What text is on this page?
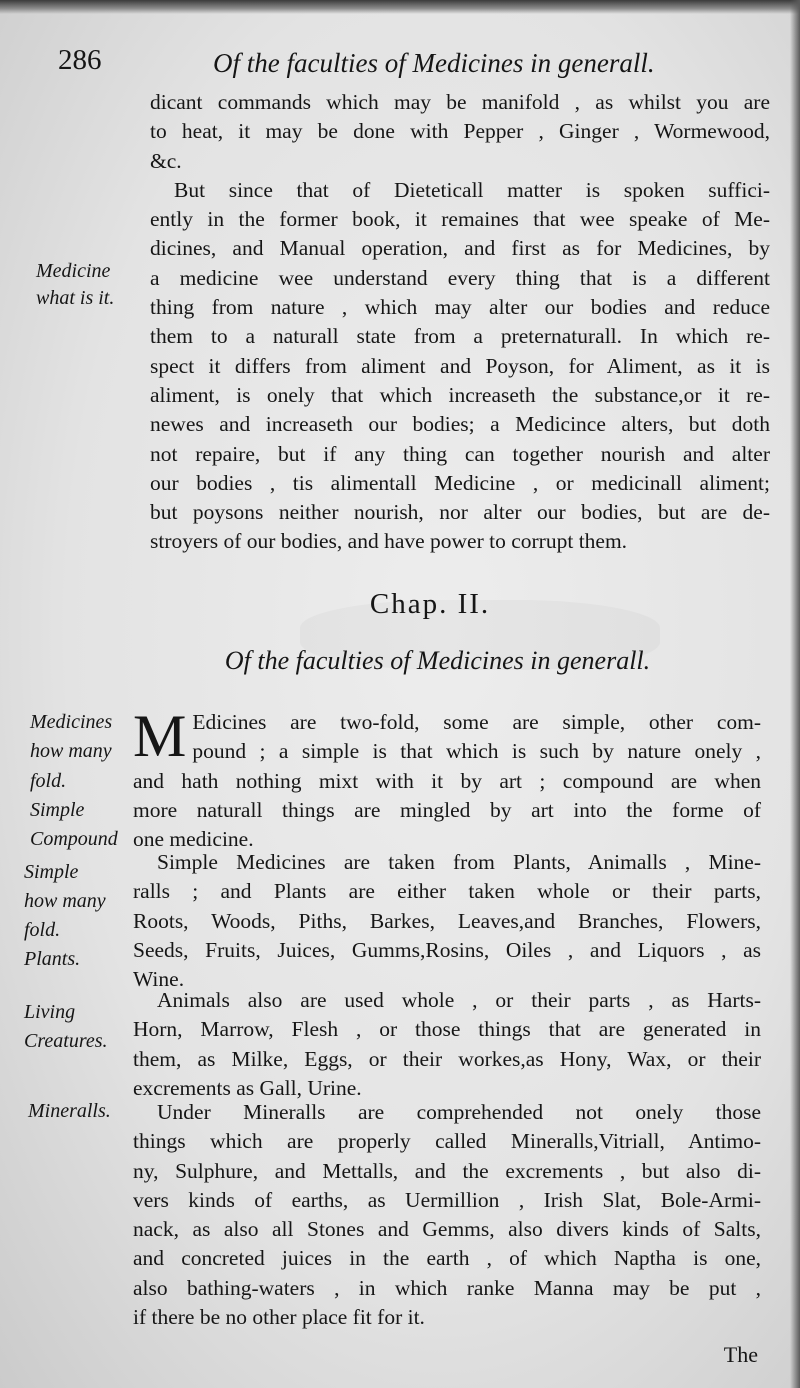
286	Of the faculties of Medicines in generall.
dicant commands which may be manifold , as whilst you are
to heat, it may be done with Pepper , Ginger , Wormewood,
&c.
But since that of Dieteticall matter is spoken suffici-
ently in the former book, it remaines that wee speake of Me-
dicines, and Manual operation, and first as for Medicines, by
a medicine wee understand every thing that is a different
thing from nature , which may alter our bodies and reduce
them to a naturall state from a preternaturall. In which re-
spect it differs from aliment and Poyson, for Aliment, as it is
aliment, is onely that which increaseth the substance,or it re-
newes and increaseth our bodies; a Medicince alters, but doth
not repaire, but if any thing can together nourish and alter
our bodies , tis alimentall Medicine , or medicinall aliment;
but poysons neither nourish, nor alter our bodies, but are de-
stroyers of our bodies, and have power to corrupt them.
Medicine
what is it.
Chap. II.
Of the faculties of Medicines in generall.
M Edicines are two-fold, some are simple, other com-
pound ; a simple is that which is such by nature onely ,
and hath nothing mixt with it by art ; compound are when
more naturall things are mingled by art into the forme of
one medicine.
Medicines
how many
fold.
Simple
Compound
Simple Medicines are taken from Plants, Animalls , Mine-
ralls ; and Plants are either taken whole or their parts,
Roots, Woods, Piths, Barkes, Leaves,and Branches, Flowers,
Seeds, Fruits, Juices, Gumms,Rosins, Oiles , and Liquors , as
Wine.
Simple
how many
fold.
Plants.
Animals also are used whole , or their parts , as Harts-
Horn, Marrow, Flesh , or those things that are generated in
them, as Milke, Eggs, or their workes,as Hony, Wax, or their
excrements as Gall, Urine.
Living
Creatures.
Under Mineralls are comprehended not onely those
things which are properly called Mineralls,Vitriall, Antimo-
ny, Sulphure, and Mettalls, and the excrements , but also di-
vers kinds of earths, as Uermillion , Irish Slat, Bole-Armi-
nack, as also all Stones and Gemms, also divers kinds of Salts,
and concreted juices in the earth , of which Naptha is one,
also bathing-waters , in which ranke Manna may be put ,
if there be no other place fit for it.
Mineralls.
The
